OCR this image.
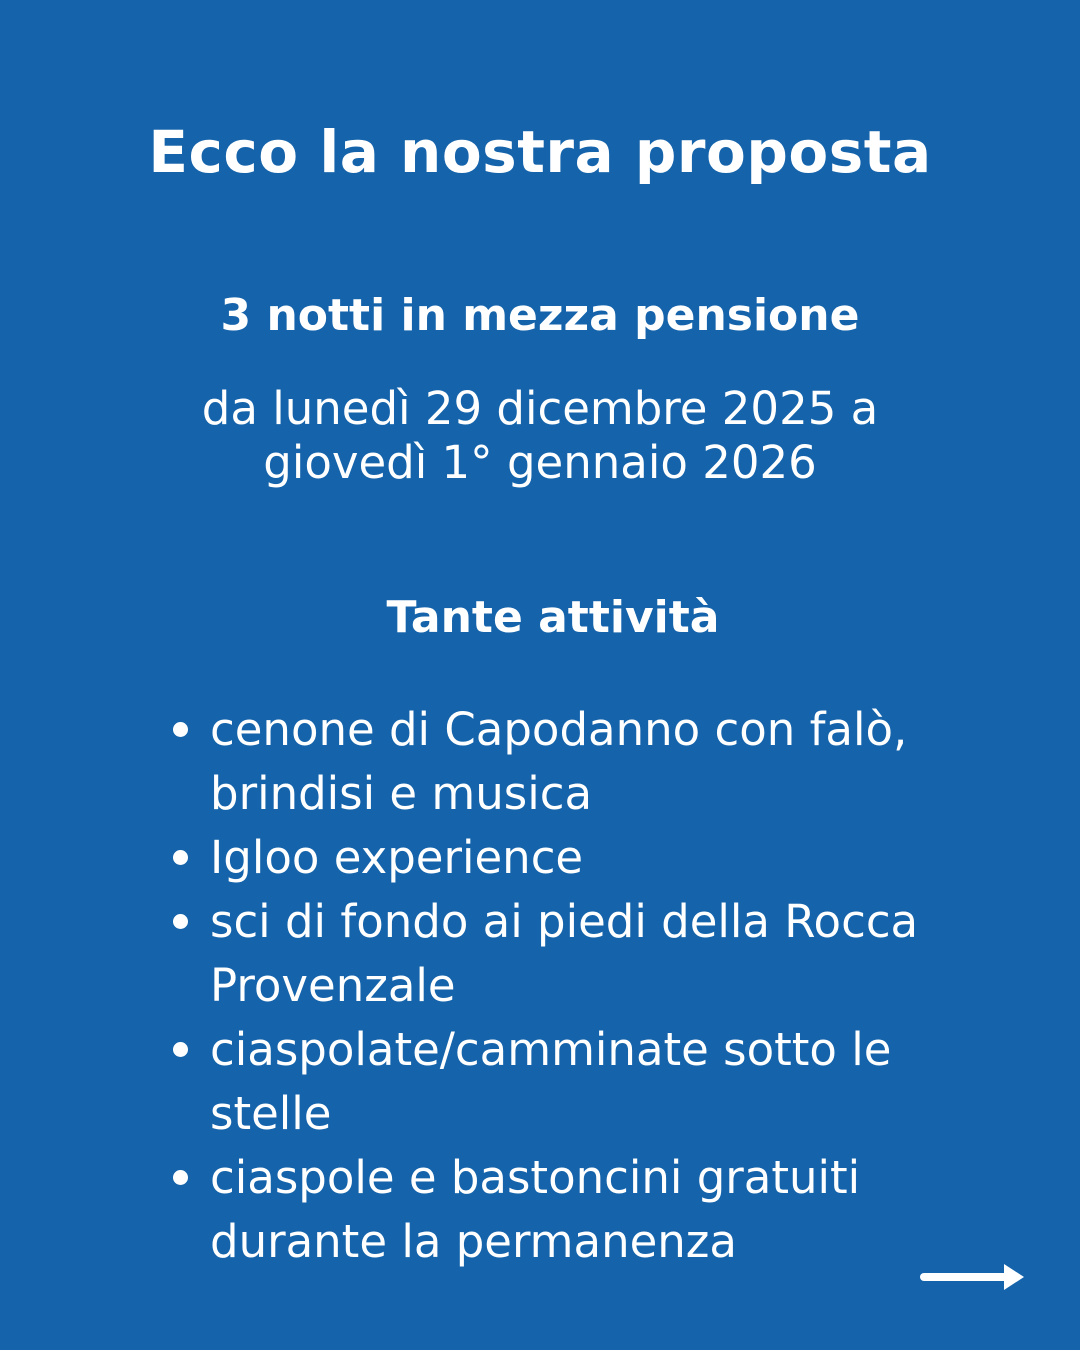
Ecco la nostra proposta
3 notti in mezza pensione

da lunedì 29 dicembre 2025 a
giovedì 1° gennaio 2026

Tante attività
cenone di Capodanno con falò, brindisi e musica
Igloo experience
sci di fondo ai piedi della Rocca Provenzale
ciaspolate/camminate sotto le stelle
ciaspole e bastoncini gratuiti durante la permanenza
